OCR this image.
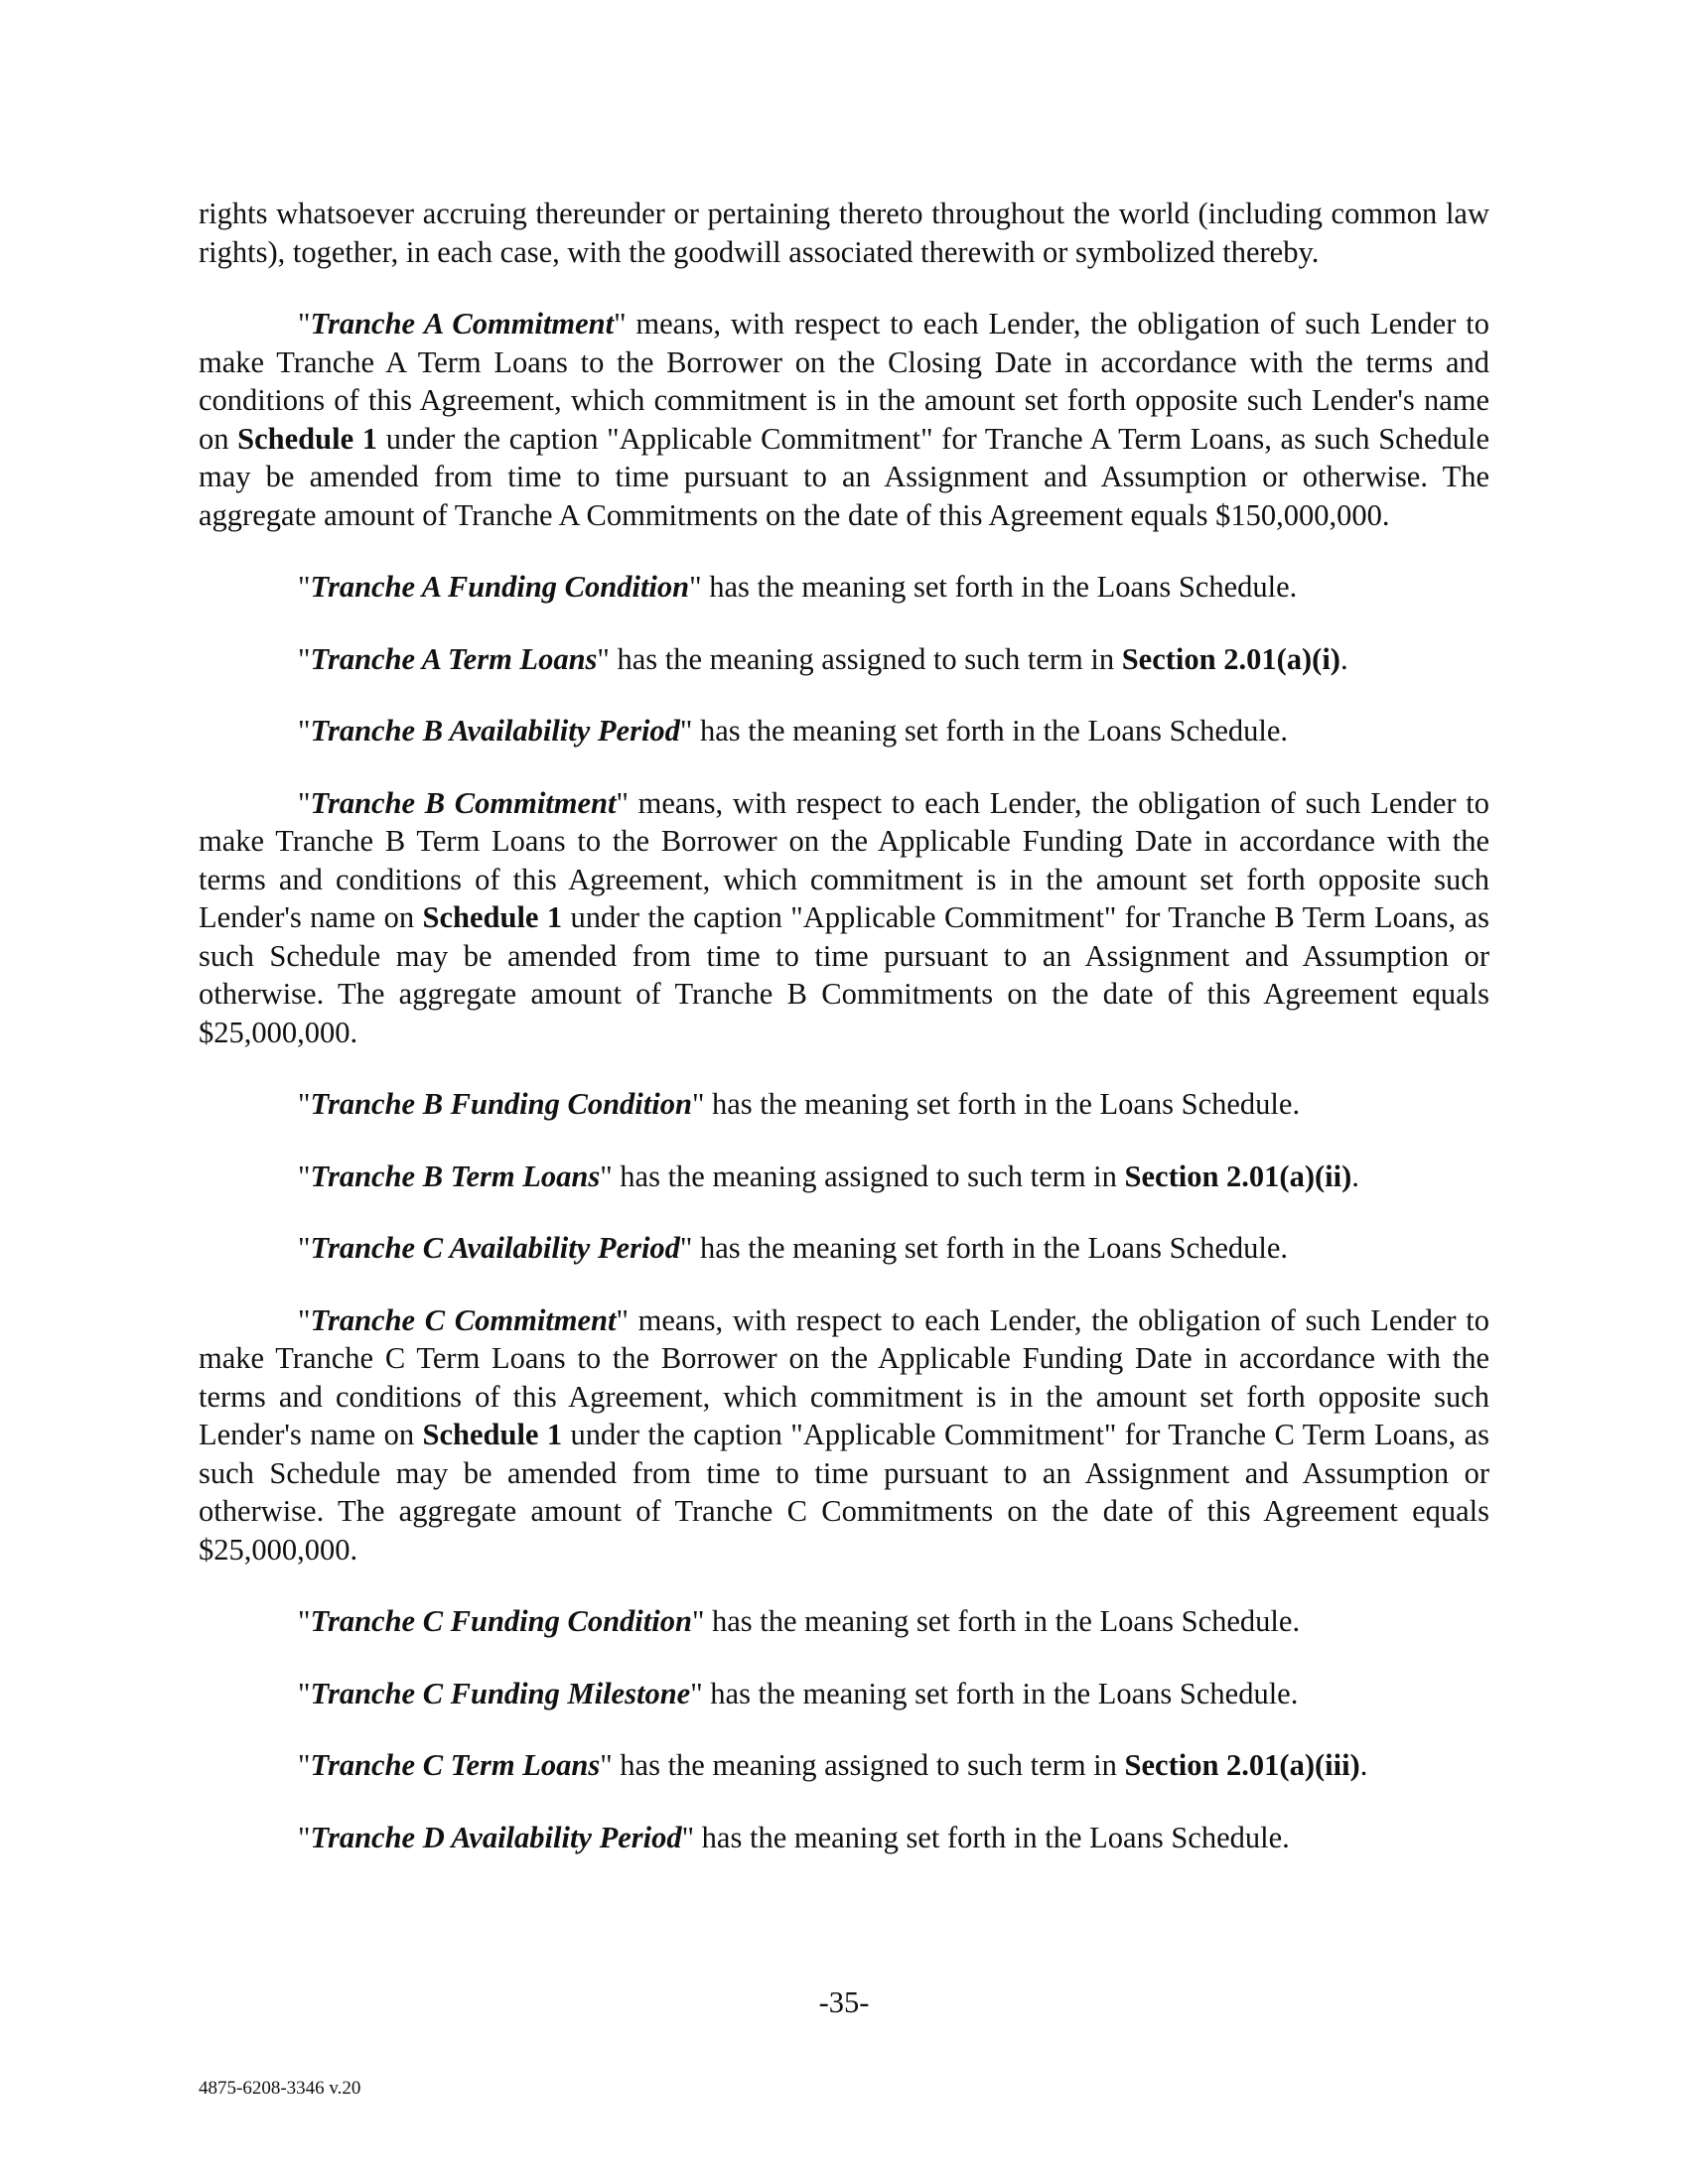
rights whatsoever accruing thereunder or pertaining thereto throughout the world (including common law rights), together, in each case, with the goodwill associated therewith or symbolized thereby.

"Tranche A Commitment" means, with respect to each Lender, the obligation of such Lender to make Tranche A Term Loans to the Borrower on the Closing Date in accordance with the terms and conditions of this Agreement, which commitment is in the amount set forth opposite such Lender's name on Schedule 1 under the caption "Applicable Commitment" for Tranche A Term Loans, as such Schedule may be amended from time to time pursuant to an Assignment and Assumption or otherwise. The aggregate amount of Tranche A Commitments on the date of this Agreement equals $150,000,000.

"Tranche A Funding Condition" has the meaning set forth in the Loans Schedule.

"Tranche A Term Loans" has the meaning assigned to such term in Section 2.01(a)(i).

"Tranche B Availability Period" has the meaning set forth in the Loans Schedule.

"Tranche B Commitment" means, with respect to each Lender, the obligation of such Lender to make Tranche B Term Loans to the Borrower on the Applicable Funding Date in accordance with the terms and conditions of this Agreement, which commitment is in the amount set forth opposite such Lender's name on Schedule 1 under the caption "Applicable Commitment" for Tranche B Term Loans, as such Schedule may be amended from time to time pursuant to an Assignment and Assumption or otherwise. The aggregate amount of Tranche B Commitments on the date of this Agreement equals $25,000,000.

"Tranche B Funding Condition" has the meaning set forth in the Loans Schedule.

"Tranche B Term Loans" has the meaning assigned to such term in Section 2.01(a)(ii).

"Tranche C Availability Period" has the meaning set forth in the Loans Schedule.

"Tranche C Commitment" means, with respect to each Lender, the obligation of such Lender to make Tranche C Term Loans to the Borrower on the Applicable Funding Date in accordance with the terms and conditions of this Agreement, which commitment is in the amount set forth opposite such Lender's name on Schedule 1 under the caption "Applicable Commitment" for Tranche C Term Loans, as such Schedule may be amended from time to time pursuant to an Assignment and Assumption or otherwise. The aggregate amount of Tranche C Commitments on the date of this Agreement equals $25,000,000.

"Tranche C Funding Condition" has the meaning set forth in the Loans Schedule.

"Tranche C Funding Milestone" has the meaning set forth in the Loans Schedule.

"Tranche C Term Loans" has the meaning assigned to such term in Section 2.01(a)(iii).

"Tranche D Availability Period" has the meaning set forth in the Loans Schedule.

-35-
4875-6208-3346 v.20
